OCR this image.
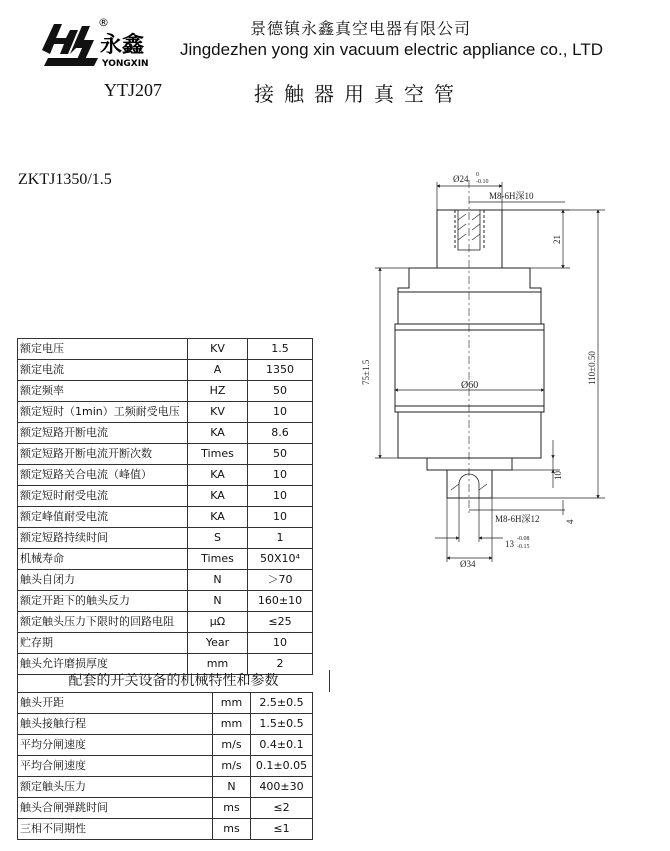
®
永鑫
YONGXIN
景德镇永鑫真空电器有限公司
Jingdezhen yong xin vacuum electric appliance co., LTD
YTJ207	接触器用真空管
ZKTJ1350/1.5
额定电压	KV	1.5
额定电流	A	1350
额定频率	HZ	50
额定短时（1min）工频耐受电压	KV	10
额定短路开断电流	KA	8.6
额定短路开断电流开断次数	Times	50
额定短路关合电流（峰值）	KA	10
额定短时耐受电流	KA	10
额定峰值耐受电流	KA	10
额定短路持续时间	S	1
机械寿命	Times	50X10⁴
触头自闭力	N	＞70
额定开距下的触头反力	N	160±10
额定触头压力下限时的回路电阻	μΩ	≤25
贮存期	Year	10
触头允许磨损厚度	mm	2
配套的开关设备的机械特性和参数
触头开距	mm	2.5±0.5
触头接触行程	mm	1.5±0.5
平均分闸速度	m/s	0.4±0.1
平均合闸速度	m/s	0.1±0.05
额定触头压力	N	400±30
触头合闸弹跳时间	ms	≤2
三相不同期性	ms	≤1
Ø24 0
-0.10
M8-6H深10
21
110±0.50
75±1.5
Ø60
10
M8-6H深12	4
13 -0.08
-0.15
Ø34
